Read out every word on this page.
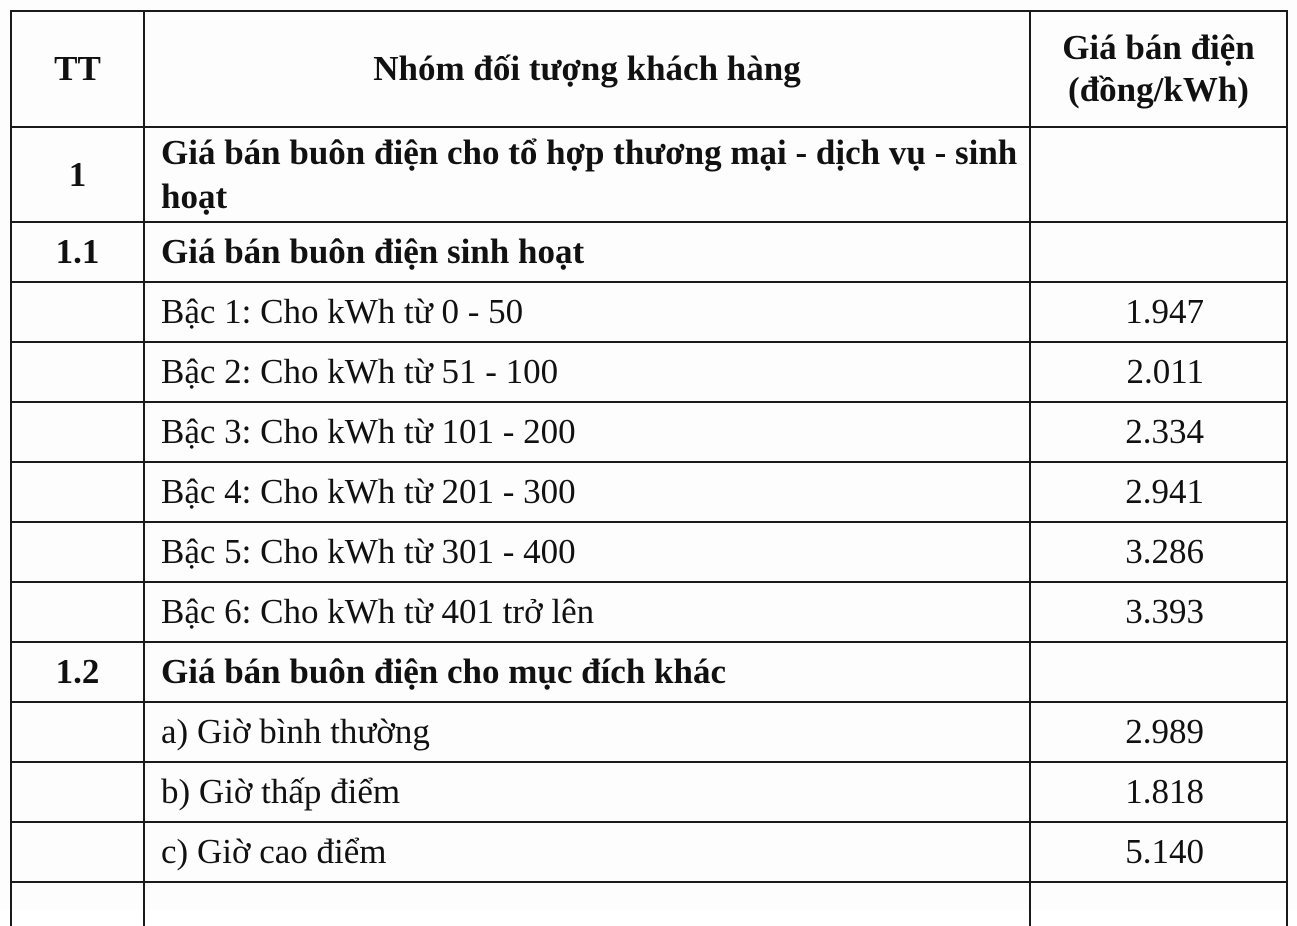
TT	Nhóm đối tượng khách hàng	Giá bán điện
(đồng/kWh)

1	Giá bán buôn điện cho tổ hợp thương mại - dịch vụ - sinh hoạt	
1.1	Giá bán buôn điện sinh hoạt	
	Bậc 1: Cho kWh từ 0 - 50	1.947
	Bậc 2: Cho kWh từ 51 - 100	2.011
	Bậc 3: Cho kWh từ 101 - 200	2.334
	Bậc 4: Cho kWh từ 201 - 300	2.941
	Bậc 5: Cho kWh từ 301 - 400	3.286
	Bậc 6: Cho kWh từ 401 trở lên	3.393
1.2	Giá bán buôn điện cho mục đích khác	
	a) Giờ bình thường	2.989
	b) Giờ thấp điểm	1.818
	c) Giờ cao điểm	5.140
